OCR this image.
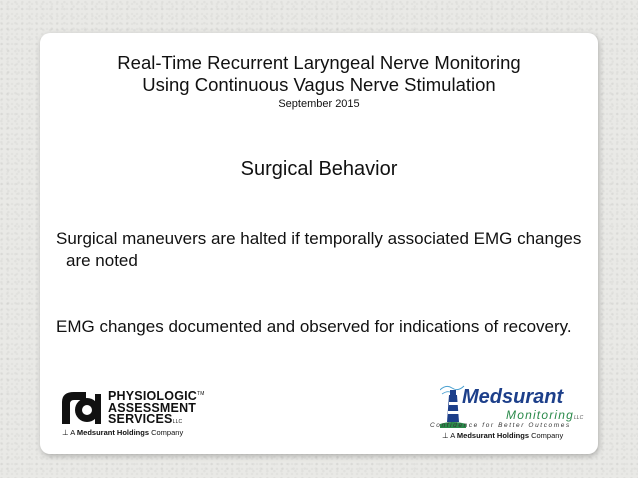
Real-Time Recurrent Laryngeal Nerve Monitoring
Using Continuous Vagus Nerve Stimulation
September 2015
Surgical Behavior
Surgical maneuvers are halted if temporally associated EMG changes are noted
EMG changes documented and observed for indications of recovery.
PHYSIOLOGIC™
ASSESSMENT
SERVICESLLC
⊥ A Medsurant Holdings Company
Medsurant
MonitoringLLC
Confidence for Better Outcomes
⊥ A Medsurant Holdings Company
